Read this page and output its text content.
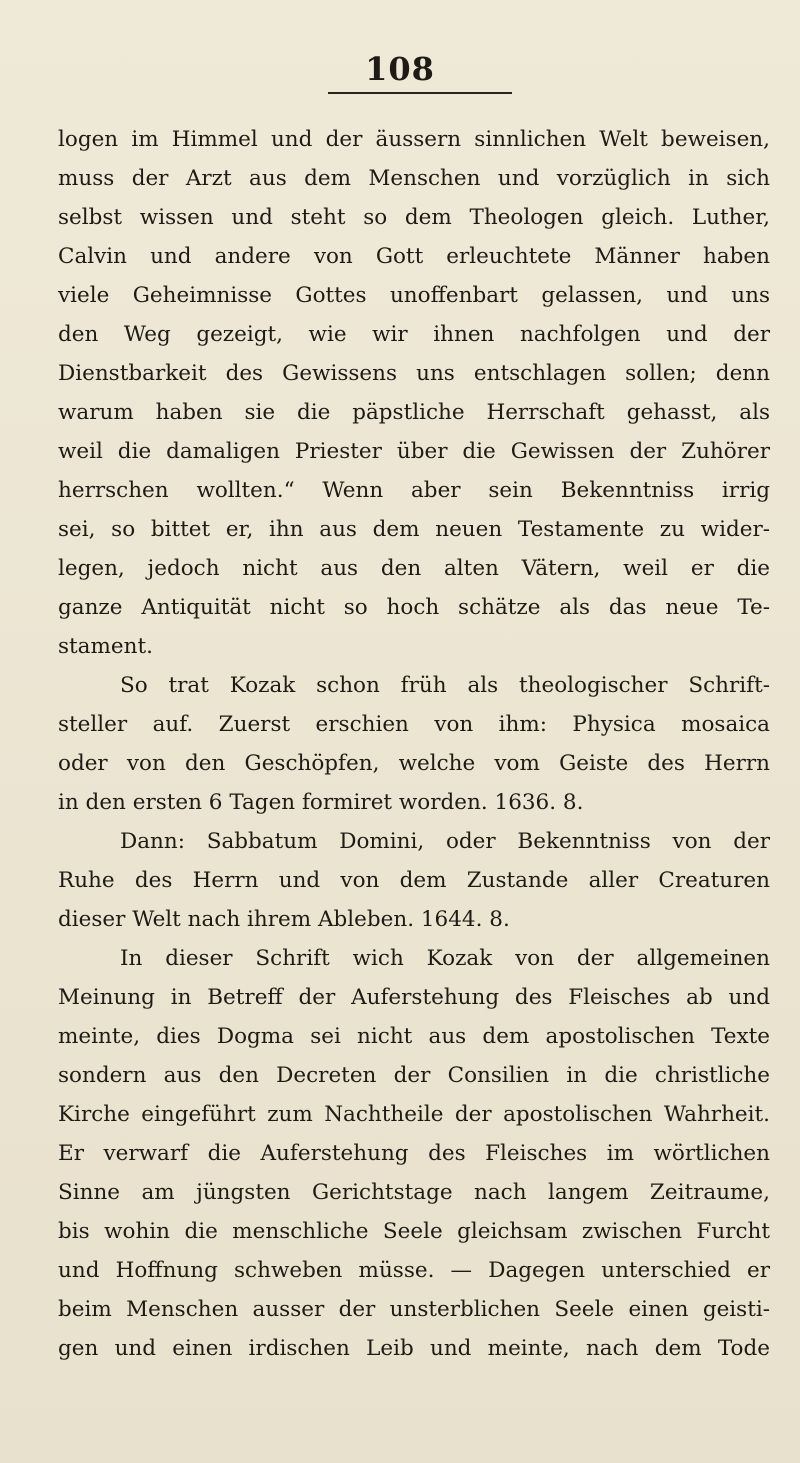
108
logen im Himmel und der äussern sinnlichen Welt beweisen,
muss der Arzt aus dem Menschen und vorzüglich in sich
selbst wissen und steht so dem Theologen gleich. Luther,
Calvin und andere von Gott erleuchtete Männer haben
viele Geheimnisse Gottes unoffenbart gelassen, und uns
den Weg gezeigt, wie wir ihnen nachfolgen und der
Dienstbarkeit des Gewissens uns entschlagen sollen; denn
warum haben sie die päpstliche Herrschaft gehasst, als
weil die damaligen Priester über die Gewissen der Zuhörer
herrschen wollten.“ Wenn aber sein Bekenntniss irrig
sei, so bittet er, ihn aus dem neuen Testamente zu wider-
legen, jedoch nicht aus den alten Vätern, weil er die
ganze Antiquität nicht so hoch schätze als das neue Te-
stament.
So trat Kozak schon früh als theologischer Schrift-
steller auf. Zuerst erschien von ihm: Physica mosaica
oder von den Geschöpfen, welche vom Geiste des Herrn
in den ersten 6 Tagen formiret worden. 1636. 8.
Dann: Sabbatum Domini, oder Bekenntniss von der
Ruhe des Herrn und von dem Zustande aller Creaturen
dieser Welt nach ihrem Ableben. 1644. 8.
In dieser Schrift wich Kozak von der allgemeinen
Meinung in Betreff der Auferstehung des Fleisches ab und
meinte, dies Dogma sei nicht aus dem apostolischen Texte
sondern aus den Decreten der Consilien in die christliche
Kirche eingeführt zum Nachtheile der apostolischen Wahrheit.
Er verwarf die Auferstehung des Fleisches im wörtlichen
Sinne am jüngsten Gerichtstage nach langem Zeitraume,
bis wohin die menschliche Seele gleichsam zwischen Furcht
und Hoffnung schweben müsse. — Dagegen unterschied er
beim Menschen ausser der unsterblichen Seele einen geisti-
gen und einen irdischen Leib und meinte, nach dem Tode
